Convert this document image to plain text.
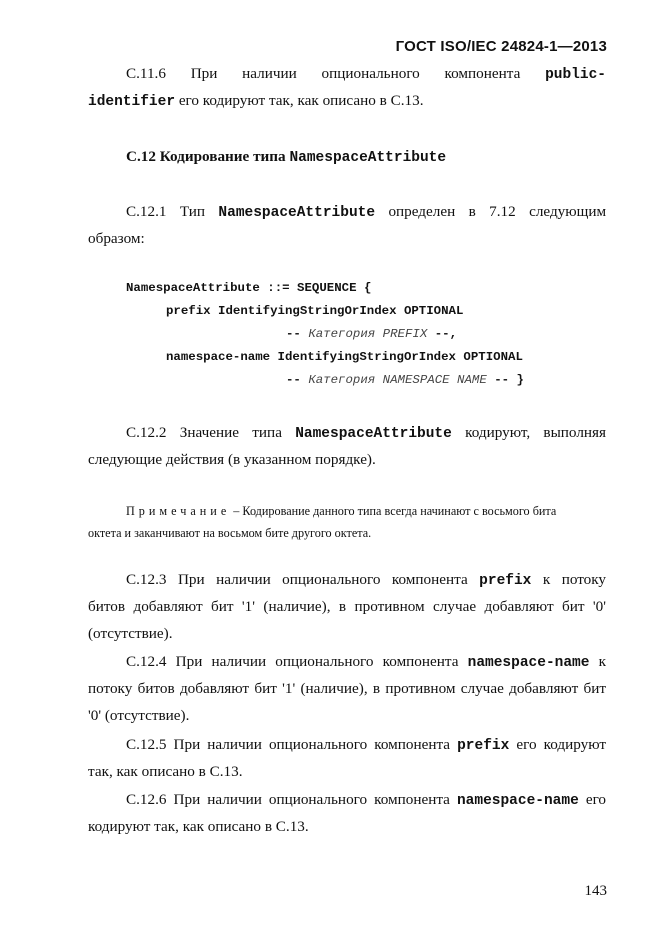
ГОСТ ISO/IEC 24824-1—2013
С.11.6 При наличии опционального компонента public-
identifier его кодируют так, как описано в С.13.
С.12 Кодирование типа NamespaceAttribute
С.12.1 Тип NamespaceAttribute определен в 7.12 следующим
образом:
NamespaceAttribute ::= SEQUENCE {
prefix IdentifyingStringOrIndex OPTIONAL
-- Категория PREFIX --,
namespace-name IdentifyingStringOrIndex OPTIONAL
-- Категория NAMESPACE NAME -- }
С.12.2 Значение типа NamespaceAttribute кодируют, выполняя
следующие действия (в указанном порядке).
Примечание – Кодирование данного типа всегда начинают с восьмого бита
октета и заканчивают на восьмом бите другого октета.
С.12.3 При наличии опционального компонента prefix к потоку
битов добавляют бит '1' (наличие), в противном случае добавляют бит '0'
(отсутствие).
С.12.4 При наличии опционального компонента namespace-name к
потоку битов добавляют бит '1' (наличие), в противном случае добавляют бит
'0' (отсутствие).
С.12.5 При наличии опционального компонента prefix его кодируют
так, как описано в С.13.
С.12.6 При наличии опционального компонента namespace-name его
кодируют так, как описано в С.13.
143
